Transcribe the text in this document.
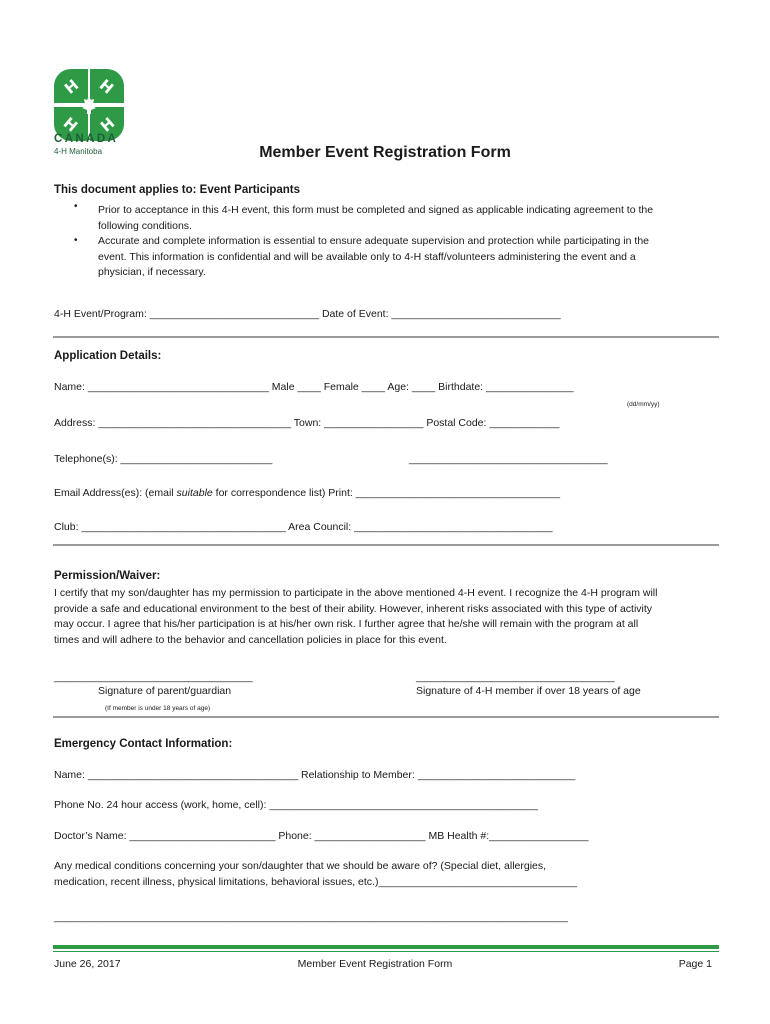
H H
H H
CANADA
4-H Manitoba	Member Event Registration Form
This document applies to: Event Participants
• Prior to acceptance in this 4-H event, this form must be completed and signed as applicable indicating agreement to the following conditions.
• Accurate and complete information is essential to ensure adequate supervision and protection while participating in the event. This information is confidential and will be available only to 4-H staff/volunteers administering the event and a physician, if necessary.
4-H Event/Program: _____________________________ Date of Event: _____________________________
Application Details:
Name: _______________________________ Male ____ Female ____ Age: ____ Birthdate: _______________
(dd/mm/yy)
Address: _________________________________ Town: _________________ Postal Code: ____________
Telephone(s): __________________________	__________________________________
Email Address(es): (email suitable for correspondence list) Print: ___________________________________
Club: ___________________________________ Area Council: __________________________________
Permission/Waiver:
I certify that my son/daughter has my permission to participate in the above mentioned 4-H event. I recognize the 4-H program will provide a safe and educational environment to the best of their ability. However, inherent risks associated with this type of activity may occur. I agree that his/her participation is at his/her own risk. I further agree that he/she will remain with the program at all times and will adhere to the behavior and cancellation policies in place for this event.
__________________________________	__________________________________
Signature of parent/guardian	Signature of 4-H member if over 18 years of age
(If member is under 18 years of age)
Emergency Contact Information:
Name: ____________________________________ Relationship to Member: ___________________________
Phone No. 24 hour access (work, home, cell): ______________________________________________
Doctor’s Name: _________________________ Phone: ___________________ MB Health #:_________________
Any medical conditions concerning your son/daughter that we should be aware of? (Special diet, allergies,
medication, recent illness, physical limitations, behavioral issues, etc.)__________________________________
________________________________________________________________________________________
June 26, 2017	Member Event Registration Form	Page 1
